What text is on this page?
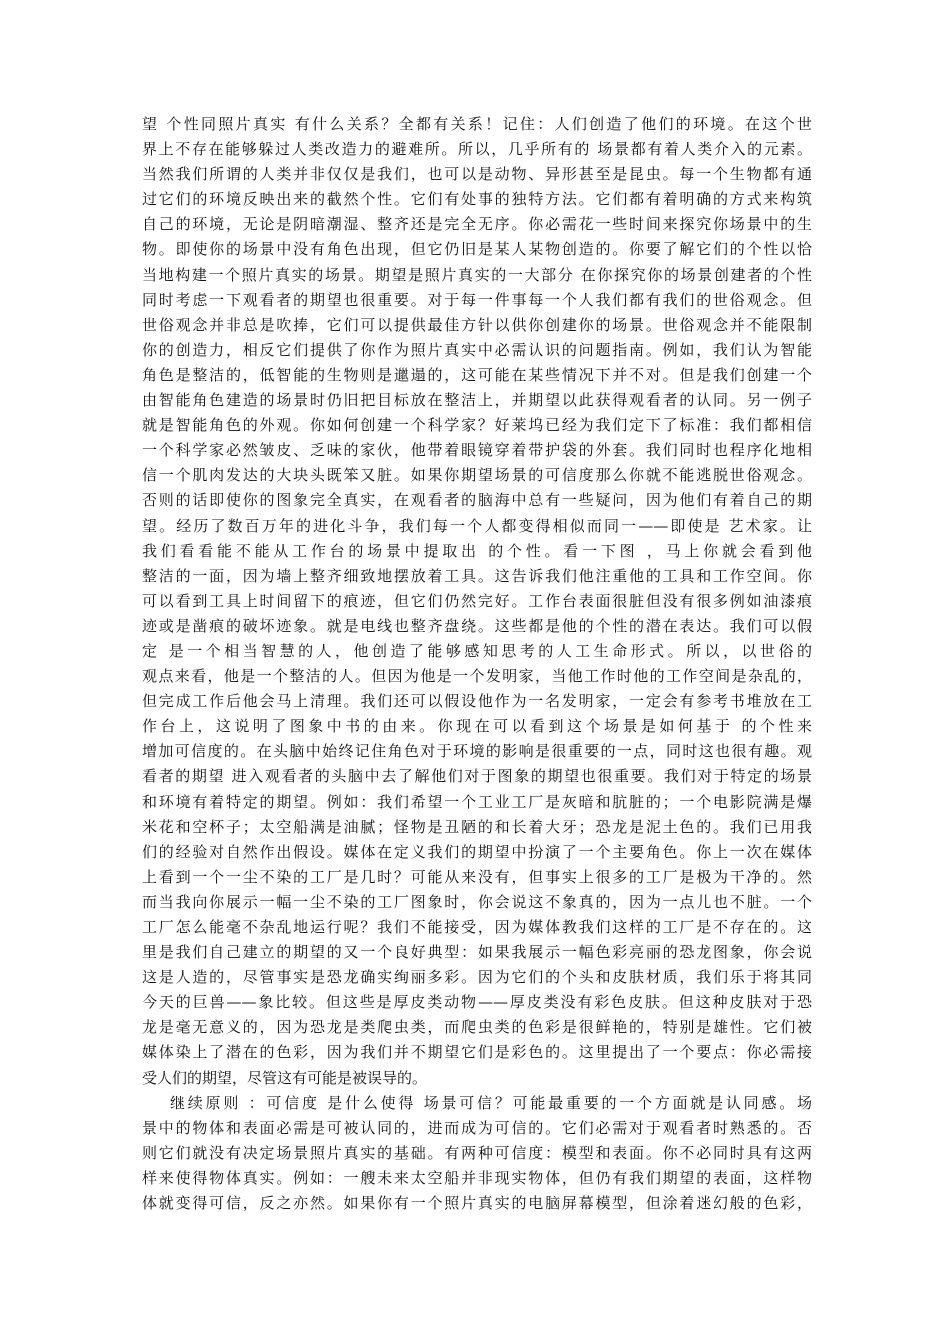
望 个性同照片真实 有什么关系？全都有关系！记住：人们创造了他们的环境。在这个世
界上不存在能够躲过人类改造力的避难所。所以，几乎所有的 场景都有着人类介入的元素。
当然我们所谓的人类并非仅仅是我们，也可以是动物、异形甚至是昆虫。每一个生物都有通
过它们的环境反映出来的截然个性。它们有处事的独特方法。它们都有着明确的方式来构筑
自己的环境，无论是阴暗潮湿、整齐还是完全无序。你必需花一些时间来探究你场景中的生
物。即使你的场景中没有角色出现，但它仍旧是某人某物创造的。你要了解它们的个性以恰
当地构建一个照片真实的场景。期望是照片真实的一大部分 在你探究你的场景创建者的个性
同时考虑一下观看者的期望也很重要。对于每一件事每一个人我们都有我们的世俗观念。但
世俗观念并非总是吹捧，它们可以提供最佳方针以供你创建你的场景。世俗观念并不能限制
你的创造力，相反它们提供了你作为照片真实中必需认识的问题指南。例如，我们认为智能
角色是整洁的，低智能的生物则是邋遢的，这可能在某些情况下并不对。但是我们创建一个
由智能角色建造的场景时仍旧把目标放在整洁上，并期望以此获得观看者的认同。另一例子
就是智能角色的外观。你如何创建一个科学家？好莱坞已经为我们定下了标准：我们都相信
一个科学家必然皱皮、乏味的家伙，他带着眼镜穿着带护袋的外套。我们同时也程序化地相
信一个肌肉发达的大块头既笨又脏。如果你期望场景的可信度那么你就不能逃脱世俗观念。
否则的话即使你的图象完全真实，在观看者的脑海中总有一些疑问，因为他们有着自己的期
望。经历了数百万年的进化斗争，我们每一个人都变得相似而同一——即使是 艺术家。让
我们看看能不能从工作台的场景中提取出 的个性。看一下图 ，马上你就会看到他
整洁的一面，因为墙上整齐细致地摆放着工具。这告诉我们他注重他的工具和工作空间。你
可以看到工具上时间留下的痕迹，但它们仍然完好。工作台表面很脏但没有很多例如油漆痕
迹或是凿痕的破坏迹象。就是电线也整齐盘绕。这些都是他的个性的潜在表达。我们可以假
定 是一个相当智慧的人，他创造了能够感知思考的人工生命形式。所以，以世俗的
观点来看，他是一个整洁的人。但因为他是一个发明家，当他工作时他的工作空间是杂乱的，
但完成工作后他会马上清理。我们还可以假设他作为一名发明家，一定会有参考书堆放在工
作台上，这说明了图象中书的由来。你现在可以看到这个场景是如何基于 的个性来
增加可信度的。在头脑中始终记住角色对于环境的影响是很重要的一点，同时这也很有趣。观
看者的期望 进入观看者的头脑中去了解他们对于图象的期望也很重要。我们对于特定的场景
和环境有着特定的期望。例如：我们希望一个工业工厂是灰暗和肮脏的；一个电影院满是爆
米花和空杯子；太空船满是油腻；怪物是丑陋的和长着大牙；恐龙是泥土色的。我们已用我
们的经验对自然作出假设。媒体在定义我们的期望中扮演了一个主要角色。你上一次在媒体
上看到一个一尘不染的工厂是几时？可能从来没有，但事实上很多的工厂是极为干净的。然
而当我向你展示一幅一尘不染的工厂图象时，你会说这不象真的，因为一点儿也不脏。一个
工厂怎么能毫不杂乱地运行呢？我们不能接受，因为媒体教我们这样的工厂是不存在的。这
里是我们自己建立的期望的又一个良好典型：如果我展示一幅色彩亮丽的恐龙图象，你会说
这是人造的，尽管事实是恐龙确实绚丽多彩。因为它们的个头和皮肤材质，我们乐于将其同
今天的巨兽——象比较。但这些是厚皮类动物——厚皮类没有彩色皮肤。但这种皮肤对于恐
龙是毫无意义的，因为恐龙是类爬虫类，而爬虫类的色彩是很鲜艳的，特别是雄性。它们被
媒体染上了潜在的色彩，因为我们并不期望它们是彩色的。这里提出了一个要点：你必需接
受人们的期望，尽管这有可能是被误导的。
继续原则 ：可信度 是什么使得 场景可信？可能最重要的一个方面就是认同感。场
景中的物体和表面必需是可被认同的，进而成为可信的。它们必需对于观看者时熟悉的。否
则它们就没有决定场景照片真实的基础。有两种可信度：模型和表面。你不必同时具有这两
样来使得物体真实。例如：一艘未来太空船并非现实物体，但仍有我们期望的表面，这样物
体就变得可信，反之亦然。如果你有一个照片真实的电脑屏幕模型，但涂着迷幻般的色彩，
